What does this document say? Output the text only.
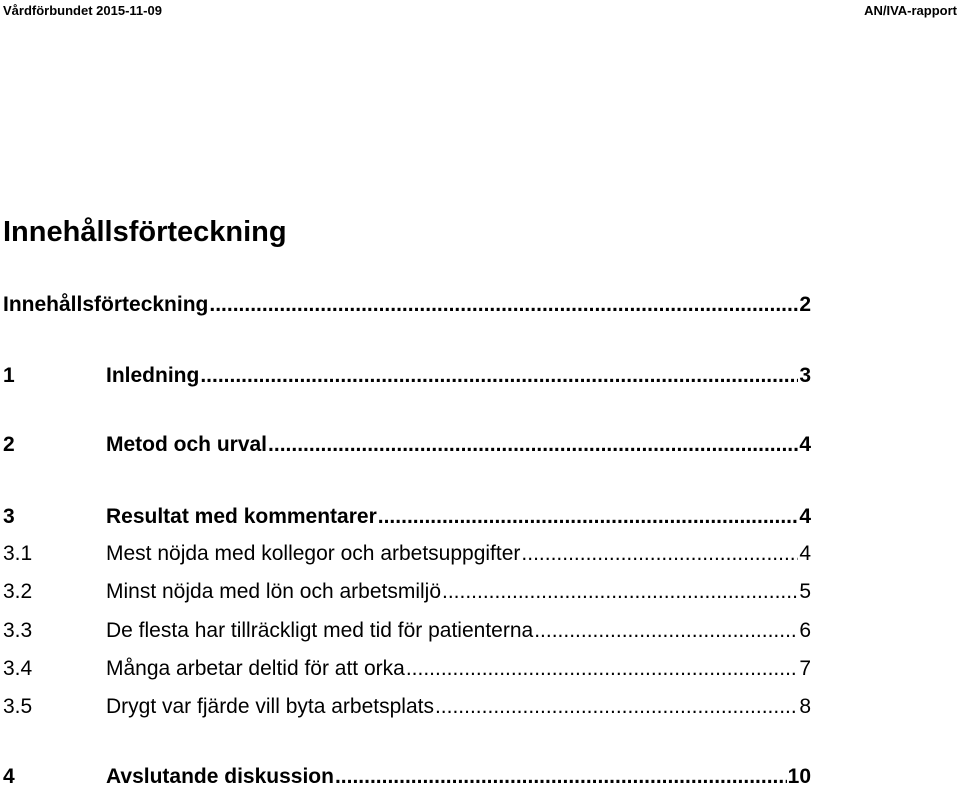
Vårdförbundet 2015-11-09	AN/IVA-rapport
Innehållsförteckning
Innehållsförteckning .....	2
1	Inledning .....	3
2	Metod och urval .....	4
3	Resultat med kommentarer .....	4
3.1	Mest nöjda med kollegor och arbetsuppgifter .....	4
3.2	Minst nöjda med lön och arbetsmiljö .....	5
3.3	De flesta har tillräckligt med tid för patienterna .....	6
3.4	Många arbetar deltid för att orka .....	7
3.5	Drygt var fjärde vill byta arbetsplats .....	8
4	Avslutande diskussion .....	10
